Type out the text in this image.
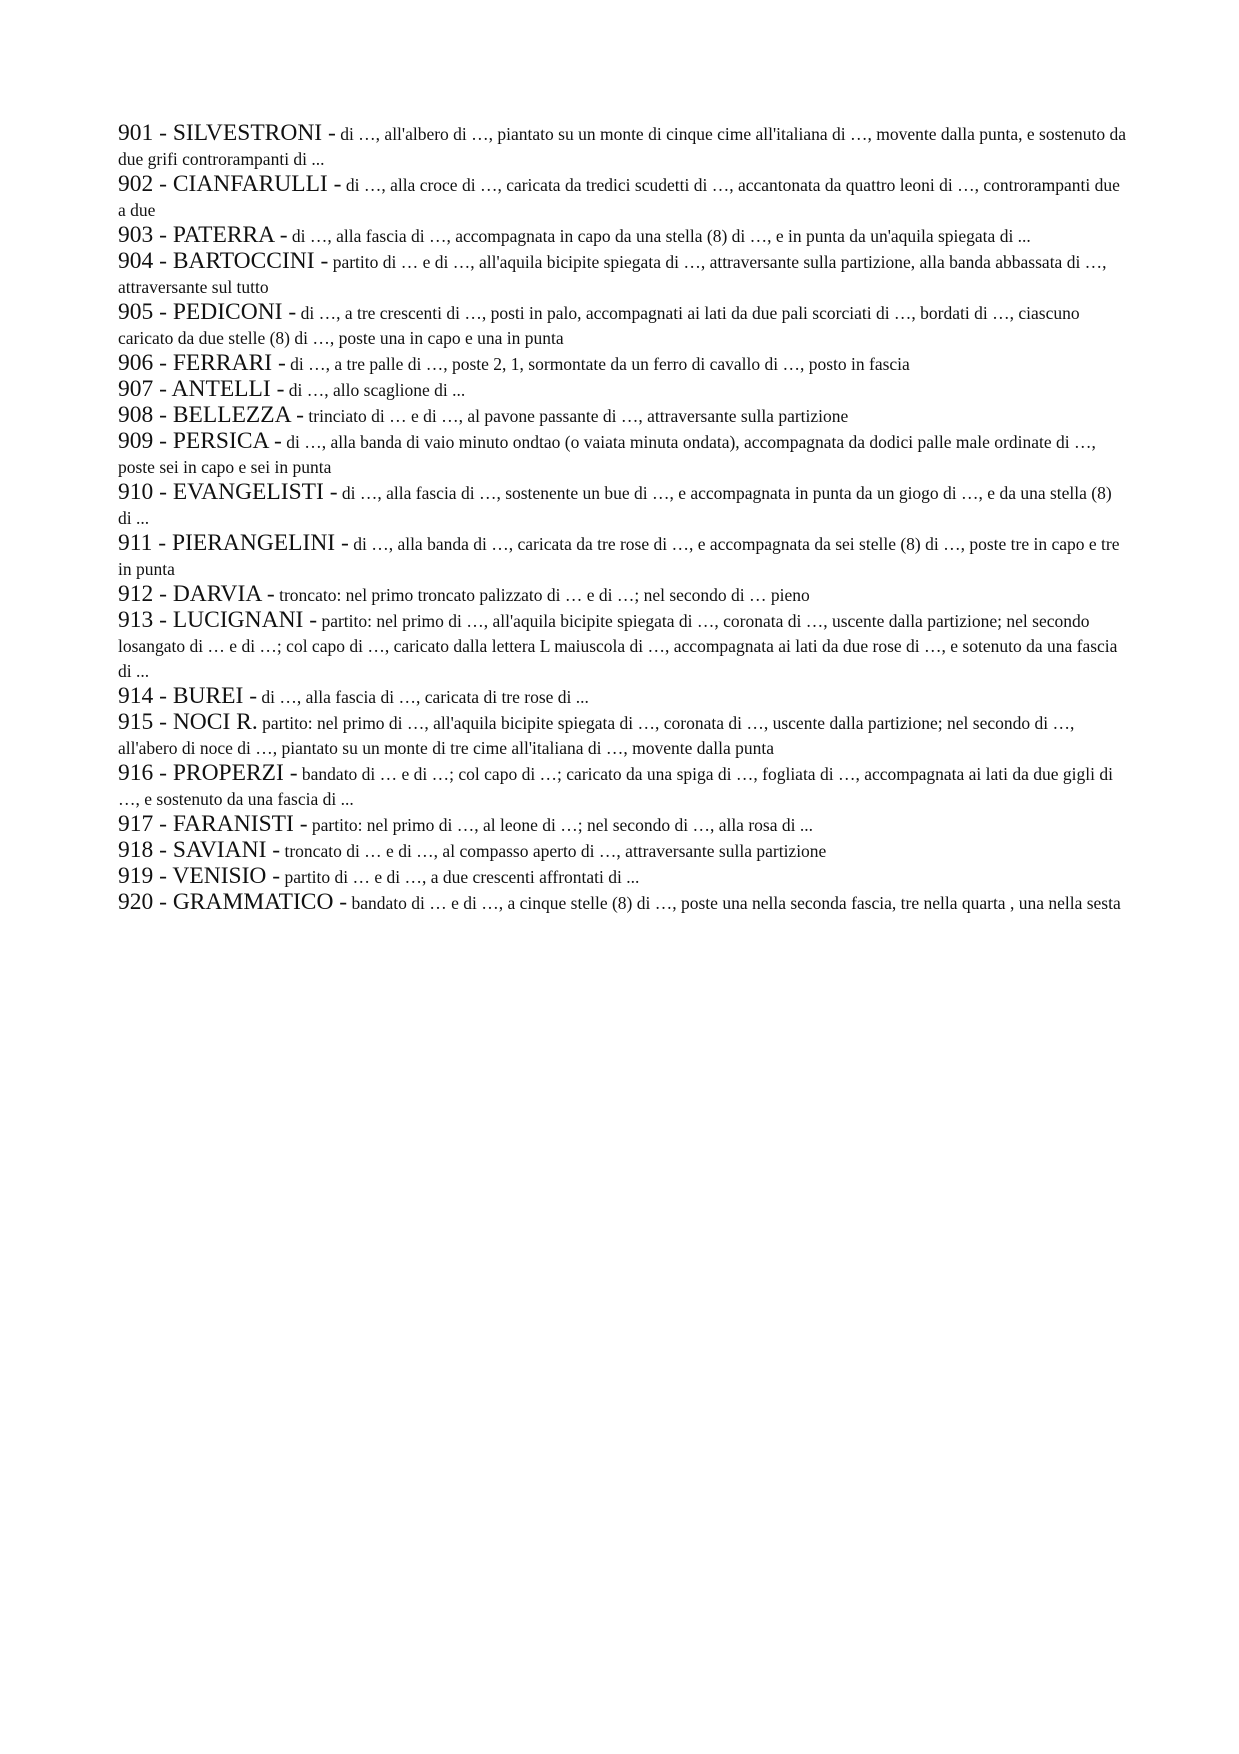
901 - SILVESTRONI - di …, all'albero di …, piantato su un monte di cinque cime all'italiana di …, movente dalla punta, e sostenuto da due grifi controrampanti di ...

902 - CIANFARULLI - di …, alla croce di …, caricata da tredici scudetti di …, accantonata da quattro leoni di …, controrampanti due a due

903 - PATERRA - di …, alla fascia di …, accompagnata in capo da una stella (8) di …, e in punta da un'aquila spiegata di ...

904 - BARTOCCINI - partito di … e di …, all'aquila bicipite spiegata di …, attraversante sulla partizione, alla banda abbassata di …, attraversante sul tutto

905 - PEDICONI - di …, a tre crescenti di …, posti in palo, accompagnati ai lati da due pali scorciati di …, bordati di …, ciascuno caricato da due stelle (8) di …, poste una in capo e una in punta

906 - FERRARI - di …, a tre palle di …, poste 2, 1, sormontate da un ferro di cavallo di …, posto in fascia

907 - ANTELLI - di …, allo scaglione di ...

908 - BELLEZZA - trinciato di … e di …, al pavone passante di …, attraversante sulla partizione

909 - PERSICA - di …, alla banda di vaio minuto ondtao (o vaiata minuta ondata), accompagnata da dodici palle male ordinate di …, poste sei in capo e sei in punta

910 - EVANGELISTI - di …, alla fascia di …, sostenente un bue di …, e accompagnata in punta da un giogo di …, e da una stella (8) di ...

911 - PIERANGELINI - di …, alla banda di …, caricata da tre rose di …, e accompagnata da sei stelle (8) di …, poste tre in capo e tre in punta

912 - DARVIA - troncato: nel primo troncato palizzato di … e di …; nel secondo di … pieno

913 - LUCIGNANI - partito: nel primo di …, all'aquila bicipite spiegata di …, coronata di …, uscente dalla partizione; nel secondo losangato di … e di …; col capo di …, caricato dalla lettera L maiuscola di …, accompagnata ai lati da due rose di …, e sotenuto da una fascia di ...

914 - BUREI - di …, alla fascia di …, caricata di tre rose di ...

915 - NOCI R. partito: nel primo di …, all'aquila bicipite spiegata di …, coronata di …, uscente dalla partizione; nel secondo di …, all'abero di noce di …, piantato su un monte di tre cime all'italiana di …, movente dalla punta

916 - PROPERZI - bandato di … e di …; col capo di …; caricato da una spiga di …, fogliata di …, accompagnata ai lati da due gigli di …, e sostenuto da una fascia di ...

917 - FARANISTI - partito: nel primo di …, al leone di …; nel secondo di …, alla rosa di ...

918 - SAVIANI - troncato di … e di …, al compasso aperto di …, attraversante sulla partizione

919 - VENISIO - partito di … e di …, a due crescenti affrontati di ...

920 - GRAMMATICO - bandato di … e di …, a cinque stelle (8) di …, poste una nella seconda fascia, tre nella quarta , una nella sesta
